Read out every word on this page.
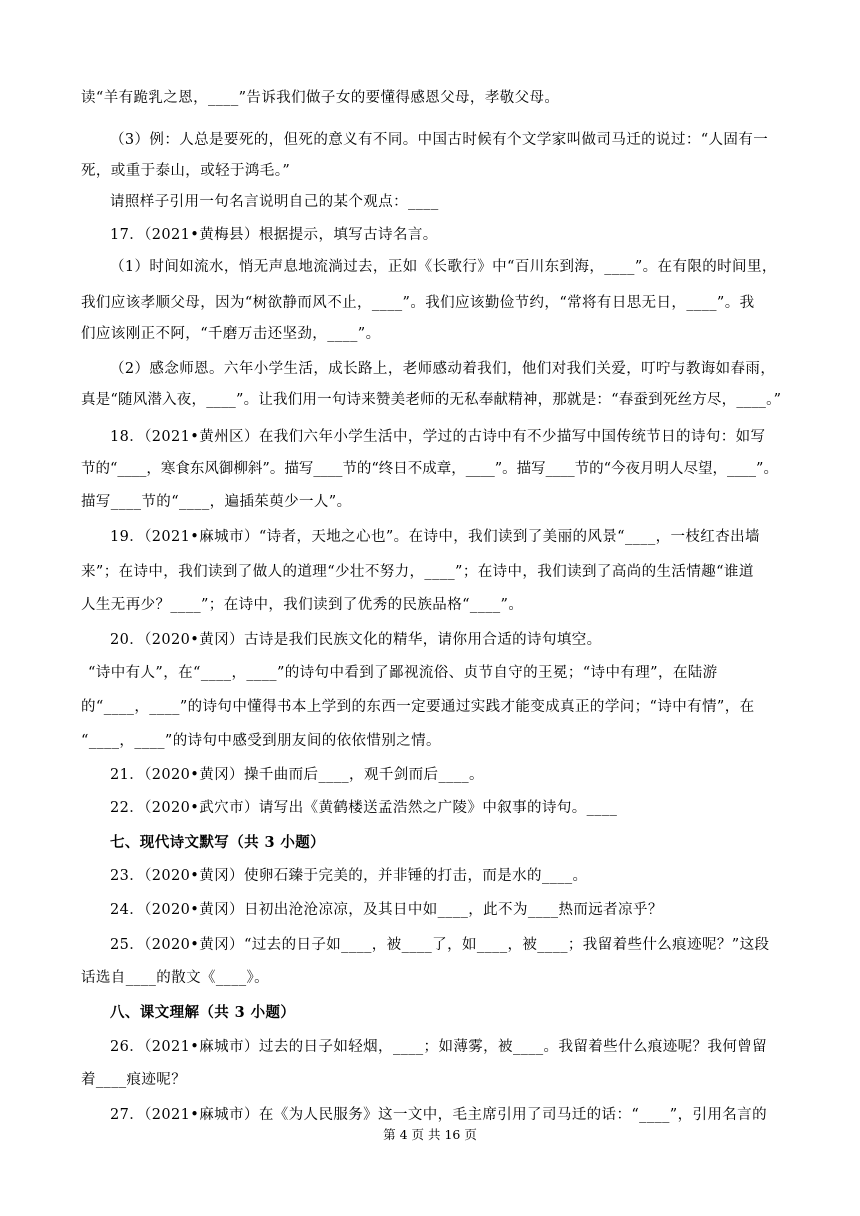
读“羊有跪乳之恩，____”告诉我们做子女的要懂得感恩父母，孝敬父母。
（3）例：人总是要死的，但死的意义有不同。中国古时候有个文学家叫做司马迁的说过：“人固有一
死，或重于泰山，或轻于鸿毛。”
请照样子引用一句名言说明自己的某个观点：____
17．（2021•黄梅县）根据提示，填写古诗名言。
（1）时间如流水，悄无声息地流淌过去，正如《长歌行》中“百川东到海，____”。在有限的时间里，
我们应该孝顺父母，因为“树欲静而风不止，____”。我们应该勤俭节约，“常将有日思无日，____”。我
们应该刚正不阿，“千磨万击还坚劲，____”。
（2）感念师恩。六年小学生活，成长路上，老师感动着我们，他们对我们关爱，叮咛与教诲如春雨，
真是“随风潜入夜，____”。让我们用一句诗来赞美老师的无私奉献精神，那就是：“春蚕到死丝方尽，____。”
18．（2021•黄州区）在我们六年小学生活中，学过的古诗中有不少描写中国传统节日的诗句：如写
节的“____，寒食东风御柳斜”。描写____节的“终日不成章，____”。描写____节的“今夜月明人尽望，____”。
描写____节的“____，遍插茱萸少一人”。
19．（2021•麻城市）“诗者，天地之心也”。在诗中，我们读到了美丽的风景“____，一枝红杏出墙
来”；在诗中，我们读到了做人的道理“少壮不努力，____”；在诗中，我们读到了高尚的生活情趣“谁道
人生无再少？____”；在诗中，我们读到了优秀的民族品格“____”。
20．（2020•黄冈）古诗是我们民族文化的精华，请你用合适的诗句填空。
“诗中有人”，在“____，____”的诗句中看到了鄙视流俗、贞节自守的王冕；“诗中有理”，在陆游
的“____，____”的诗句中懂得书本上学到的东西一定要通过实践才能变成真正的学问；“诗中有情”，在
“____，____”的诗句中感受到朋友间的依依惜别之情。
21．（2020•黄冈）操千曲而后____，观千剑而后____。
22．（2020•武穴市）请写出《黄鹤楼送孟浩然之广陵》中叙事的诗句。____
七、现代诗文默写（共 3 小题）
23．（2020•黄冈）使卵石臻于完美的，并非锤的打击，而是水的____。
24．（2020•黄冈）日初出沧沧凉凉，及其日中如____，此不为____热而远者凉乎？
25．（2020•黄冈）“过去的日子如____，被____了，如____，被____；我留着些什么痕迹呢？”这段
话选自____的散文《____》。
八、课文理解（共 3 小题）
26．（2021•麻城市）过去的日子如轻烟，____；如薄雾，被____。我留着些什么痕迹呢？我何曾留
着____痕迹呢？
27．（2021•麻城市）在《为人民服务》这一文中，毛主席引用了司马迁的话：“____”，引用名言的
第 4 页 共 16 页
